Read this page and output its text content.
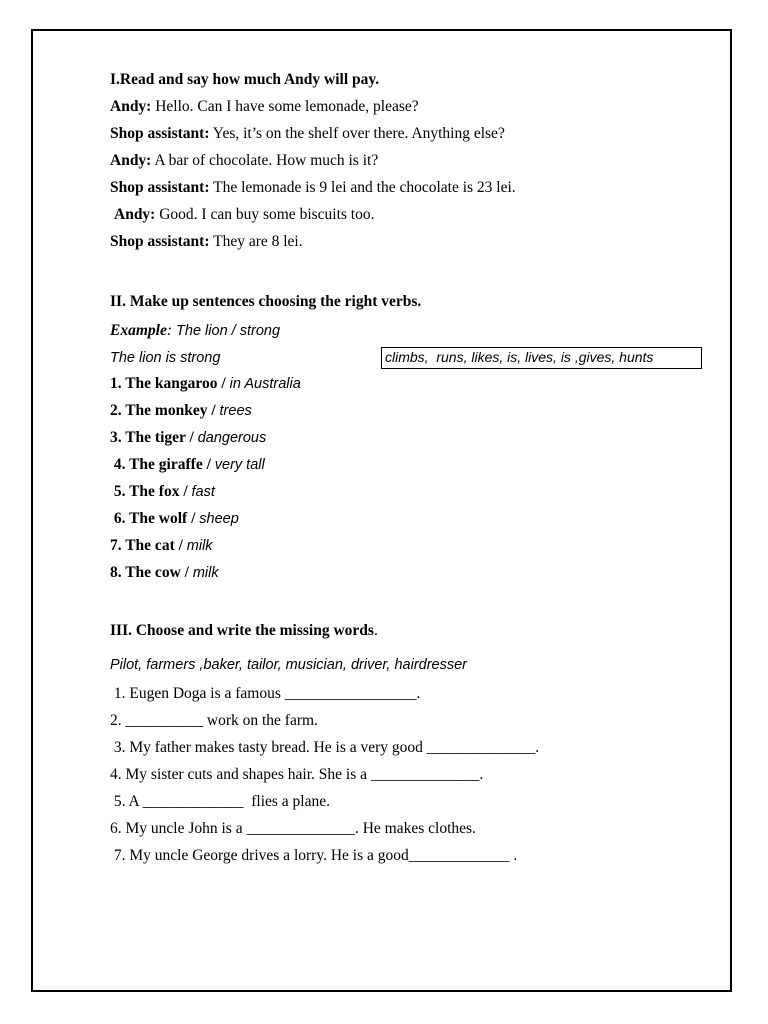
I.Read and say how much Andy will pay.
Andy: Hello. Can I have some lemonade, please?
Shop assistant: Yes, it’s on the shelf over there. Anything else?
Andy: A bar of chocolate. How much is it?
Shop assistant: The lemonade is 9 lei and the chocolate is 23 lei.
Andy: Good. I can buy some biscuits too.
Shop assistant: They are 8 lei.
II. Make up sentences choosing the right verbs.
Example: The lion / strong
The lion is strong	climbs,  runs, likes, is, lives, is ,gives, hunts
1. The kangaroo / in Australia
2. The monkey / trees
3. The tiger / dangerous
4. The giraffe / very tall
5. The fox / fast
6. The wolf / sheep
7. The cat / milk
8. The cow / milk
III. Choose and write the missing words.
Pilot, farmers ,baker, tailor, musician, driver, hairdresser
1. Eugen Doga is a famous _________________.
2. __________ work on the farm.
3. My father makes tasty bread. He is a very good ______________.
4. My sister cuts and shapes hair. She is a ______________.
5. A _____________  flies a plane.
6. My uncle John is a ______________. He makes clothes.
7. My uncle George drives a lorry. He is a good_____________ .
